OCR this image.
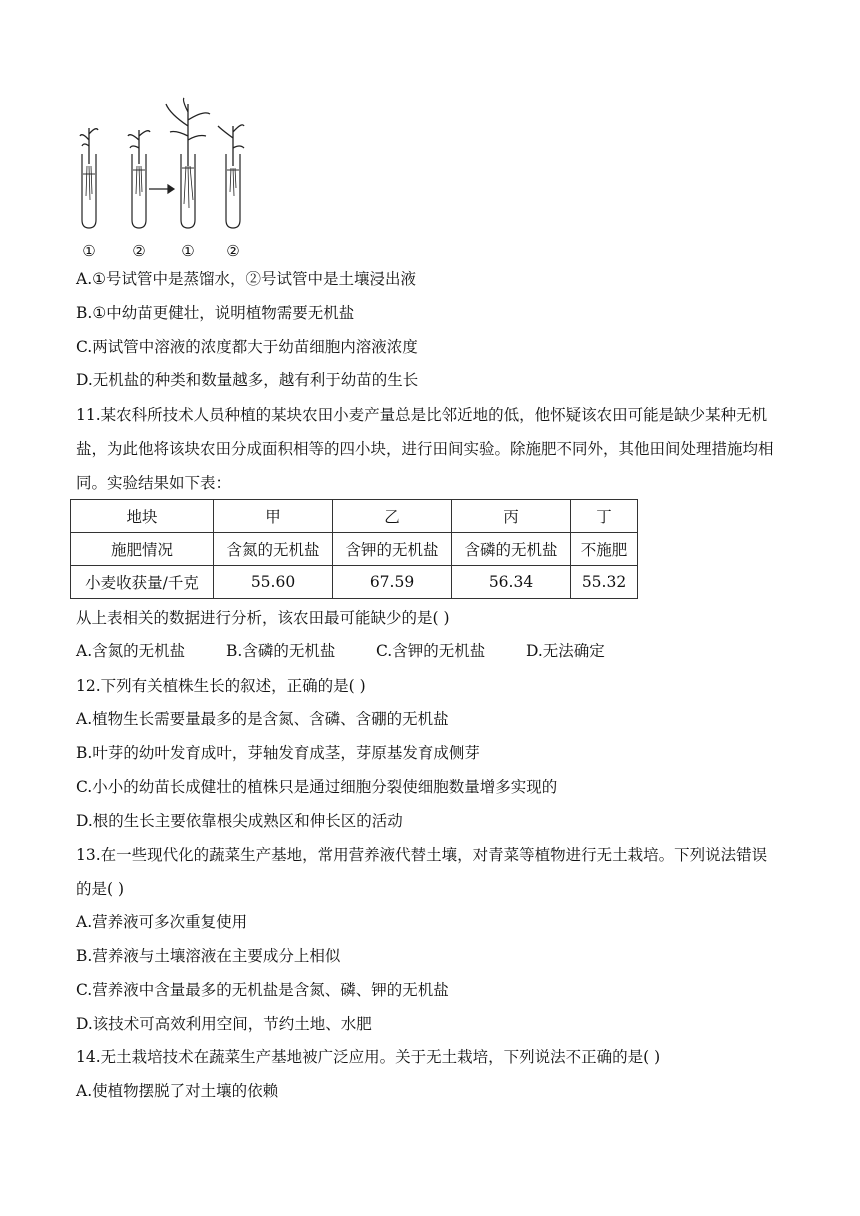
① ② ① ②
A.①号试管中是蒸馏水，②号试管中是土壤浸出液
B.①中幼苗更健壮，说明植物需要无机盐
C.两试管中溶液的浓度都大于幼苗细胞内溶液浓度
D.无机盐的种类和数量越多，越有利于幼苗的生长
11.某农科所技术人员种植的某块农田小麦产量总是比邻近地的低，他怀疑该农田可能是缺少某种无机盐，为此他将该块农田分成面积相等的四小块，进行田间实验。除施肥不同外，其他田间处理措施均相同。实验结果如下表：
地块	甲	乙	丙	丁
施肥情况	含氮的无机盐	含钾的无机盐	含磷的无机盐	不施肥
小麦收获量/千克	55.60	67.59	56.34	55.32
从上表相关的数据进行分析，该农田最可能缺少的是( )
A.含氮的无机盐	B.含磷的无机盐	C.含钾的无机盐	D.无法确定
12.下列有关植株生长的叙述，正确的是( )
A.植物生长需要量最多的是含氮、含磷、含硼的无机盐
B.叶芽的幼叶发育成叶，芽轴发育成茎，芽原基发育成侧芽
C.小小的幼苗长成健壮的植株只是通过细胞分裂使细胞数量增多实现的
D.根的生长主要依靠根尖成熟区和伸长区的活动
13.在一些现代化的蔬菜生产基地，常用营养液代替土壤，对青菜等植物进行无土栽培。下列说法错误的是( )
A.营养液可多次重复使用
B.营养液与土壤溶液在主要成分上相似
C.营养液中含量最多的无机盐是含氮、磷、钾的无机盐
D.该技术可高效利用空间，节约土地、水肥
14.无土栽培技术在蔬菜生产基地被广泛应用。关于无土栽培，下列说法不正确的是( )
A.使植物摆脱了对土壤的依赖
